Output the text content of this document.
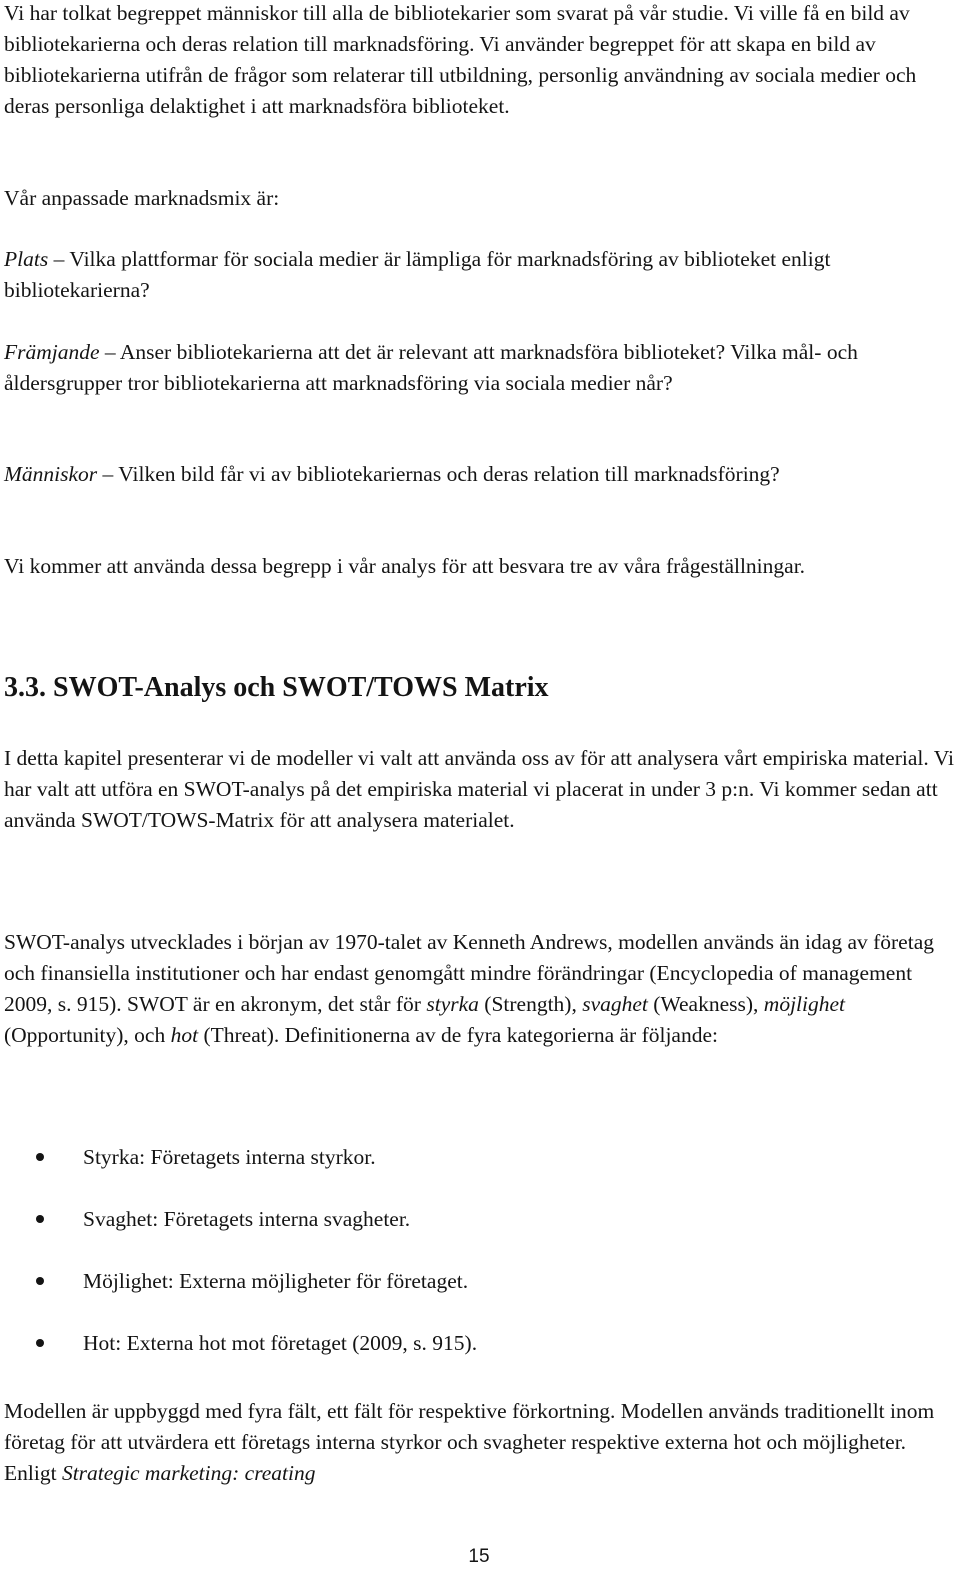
Vi har tolkat begreppet människor till alla de bibliotekarier som svarat på vår studie. Vi ville få en bild av bibliotekarierna och deras relation till marknadsföring. Vi använder begreppet för att skapa en bild av bibliotekarierna utifrån de frågor som relaterar till utbildning, personlig användning av sociala medier och deras personliga delaktighet i att marknadsföra biblioteket.

Vår anpassade marknadsmix är:

Plats – Vilka plattformar för sociala medier är lämpliga för marknadsföring av biblioteket enligt bibliotekarierna?

Främjande – Anser bibliotekarierna att det är relevant att marknadsföra biblioteket? Vilka mål- och åldersgrupper tror bibliotekarierna att marknadsföring via sociala medier når?

Människor – Vilken bild får vi av bibliotekariernas och deras relation till marknadsföring?

Vi kommer att använda dessa begrepp i vår analys för att besvara tre av våra frågeställningar.

3.3. SWOT-Analys och SWOT/TOWS Matrix

I detta kapitel presenterar vi de modeller vi valt att använda oss av för att analysera vårt empiriska material. Vi har valt att utföra en SWOT-analys på det empiriska material vi placerat in under 3 p:n. Vi kommer sedan att använda SWOT/TOWS-Matrix för att analysera materialet.

SWOT-analys utvecklades i början av 1970-talet av Kenneth Andrews, modellen används än idag av företag och finansiella institutioner och har endast genomgått mindre förändringar (Encyclopedia of management 2009, s. 915). SWOT är en akronym, det står för styrka (Strength), svaghet (Weakness), möjlighet (Opportunity), och hot (Threat). Definitionerna av de fyra kategorierna är följande:

Styrka: Företagets interna styrkor.
Svaghet: Företagets interna svagheter.
Möjlighet: Externa möjligheter för företaget.
Hot: Externa hot mot företaget (2009, s. 915).

Modellen är uppbyggd med fyra fält, ett fält för respektive förkortning. Modellen används traditionellt inom företag för att utvärdera ett företags interna styrkor och svagheter respektive externa hot och möjligheter. Enligt Strategic marketing: creating

15
